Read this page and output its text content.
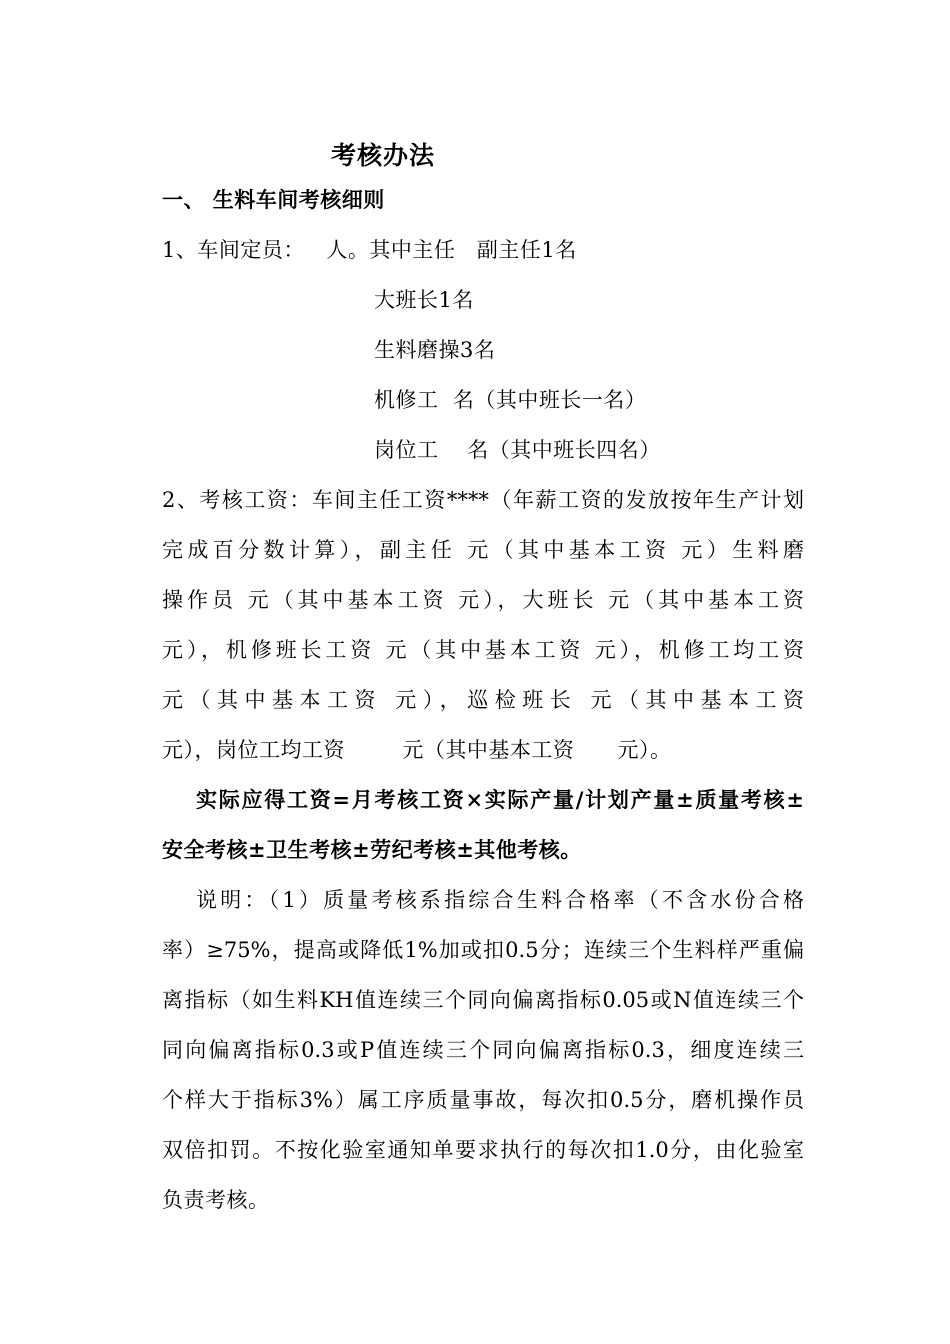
考核办法
一、 生料车间考核细则
1、车间定员：   人。其中主任   副主任1名
大班长1名
生料磨操3名
机修工  名（其中班长一名）
岗位工    名（其中班长四名）
2、考核工资：车间主任工资****（年薪工资的发放按年生产计划
完成百分数计算），副主任 元（其中基本工资 元）生料磨
操作员 元（其中基本工资 元），大班长 元（其中基本工资
元），机修班长工资 元（其中基本工资 元），机修工均工资
元（其中基本工资 元），巡检班长 元（其中基本工资
元），岗位工均工资        元（其中基本工资      元）。
实际应得工资=月考核工资×实际产量/计划产量±质量考核±
安全考核±卫生考核±劳纪考核±其他考核。
说明：（1）质量考核系指综合生料合格率（不含水份合格
率）≥75%，提高或降低1%加或扣0.5分；连续三个生料样严重偏
离指标（如生料KH值连续三个同向偏离指标0.05或N值连续三个
同向偏离指标0.3或P值连续三个同向偏离指标0.3，细度连续三
个样大于指标3%）属工序质量事故，每次扣0.5分，磨机操作员
双倍扣罚。不按化验室通知单要求执行的每次扣1.0分，由化验室
负责考核。
